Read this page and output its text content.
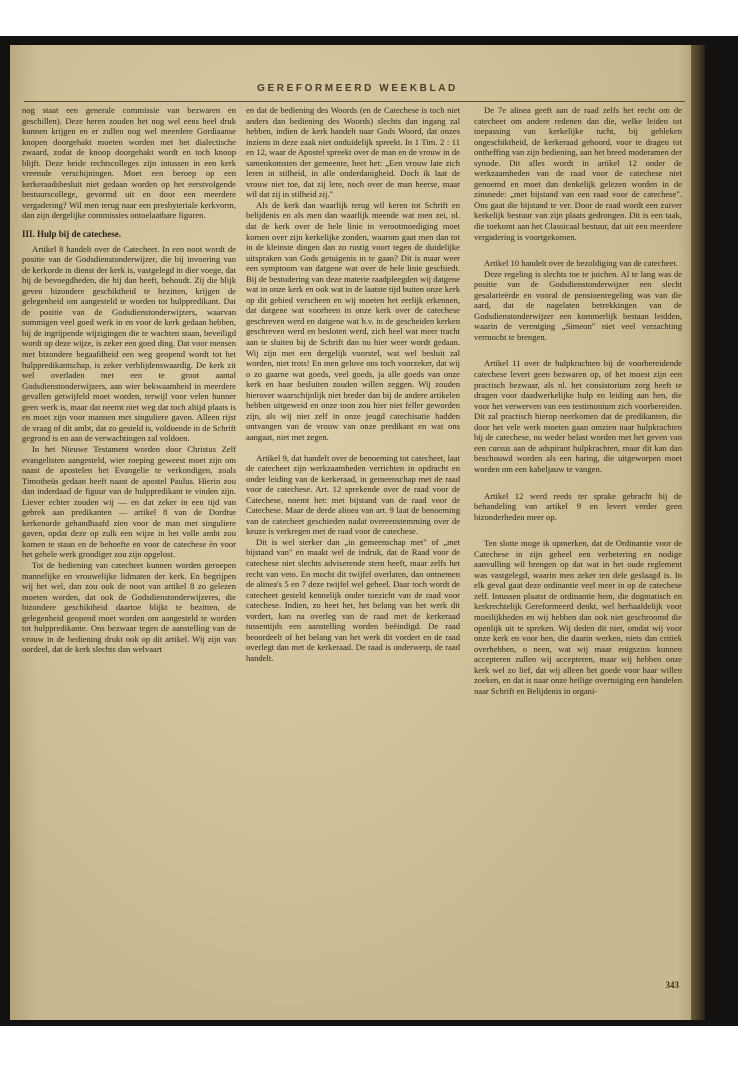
GEREFORMEERD WEEKBLAD

nog staat een generale commissie van bezwaren en geschillen). Deze heren zouden het nog wel eens heel druk kunnen krijgen en er zullen nog wel meerdere Gordiaanse knopen doorgehakt moeten worden met het dialectische zwaard, zodat de knoop doorgehakt wordt en toch knoop blijft. Deze beide rechtscolleges zijn intussen in een kerk vreemde verschijningen. Moet een beroep op een kerkeraadsbesluit niet gedaan worden op het eerstvolgende bestuurscollege, gevormd uit en door een meerdere vergadering? Wil men terug naar een presbyteriale kerkvorm, dan zijn dergelijke commissies ontoelaatbare figuren.

III. Hulp bij de catechese.

Artikel 8 handelt over de Catecheet. In een noot wordt de positie van de Godsdienstonderwijzer, die bij invoering van de kerkorde in dienst der kerk is, vastgelegd in dier voege, dat hij de bevoegdheden, die hij dan heeft, behoudt. Zij die blijk geven bizondere geschiktheid te bezitten, krijgen de gelegenheid om aangesteld te worden tot hulppredikant. Dat de positie van de Godsdienstonderwijzers, waarvan sommigen veel goed werk in en voor de kerk gedaan hebben, bij de ingrijpende wijzigingen die te wachten staan, beveiligd wordt op deze wijze, is zeker een goed ding. Dat voor mensen met bizondere begaafdheid een weg geopend wordt tot het hulppredikantschap, is zeker verblijdenswaardig. De kerk zit wel overladen met een te groot aantal Godsdienstonderwijzers, aan wier bekwaamheid in meerdere gevallen getwijfeld moet worden, terwijl voor velen hunner geen werk is, maar dat neemt niet weg dat toch altijd plaats is en moet zijn voor mannen met singuliere gaven. Alleen rijst de vraag of dit ambt, dat zo gesteld is, voldoende in de Schrift gegrond is en aan de verwachtingen zal voldoen.

In het Nieuwe Testament worden door Christus Zelf evangelisten aangesteld, wier roeping geweest moet zijn om naast de apostelen het Evangelie te verkondigen, zoals Timotheüs gedaan heeft naast de apostel Paulus. Hierin zou dan inderdaad de figuur van de hulppredikant te vinden zijn. Liever echter zouden wij — en dat zeker in een tijd van gebrek aan predikanten — artikel 8 van de Dordtse kerkenorde gehandhaafd zien voor de man met singuliere gaven, opdat deze op zulk een wijze in het volle ambt zou komen te staan en de behoefte en voor de catechese èn voor het gehele werk grondiger zou zijn opgelost.

Tot de bediening van catecheet kunnen worden geroepen mannelijke en vrouwelijke lidmaten der kerk. En begrijpen wij het wel, dan zou ook de noot van artikel 8 zo gelezen moeten worden, dat ook de Godsdienstonderwijzeres, die bizondere geschiktheid daartoe blijkt te bezitten, de gelegenheid geopend moet worden om aangesteld te worden tot hulppredikante. Ons bezwaar tegen de aanstelling van de vrouw in de bediening drukt ook op dit artikel. Wij zijn van oordeel, dat de kerk slechts dan welvaart

en dat de bediening des Woords (en de Catechese is toch niet anders dan bediening des Woords) slechts dan ingang zal hebben, indien de kerk handelt naar Gods Woord, dat onzes inziens in deze zaak niet onduidelijk spreekt. In 1 Tim. 2 : 11 en 12, waar de Apostel spreekt over de man en de vrouw in de samenkomsten der gemeente, heet het: „Een vrouw late zich leren in stilheid, in alle onderdanigheid. Doch ik laat de vrouw niet toe, dat zij lere, noch over de man heerse, maar wil dat zij in stilheid zij."

Als de kerk dan waarlijk terug wil keren tot Schrift en belijdenis en als men dan waarlijk meende wat men zei, nl. dat de kerk over de hele linie in verootmoediging moet komen over zijn kerkelijke zonden, waarom gaat men dan tot in de kleinste dingen dan zo rustig voort tegen de duidelijke uitspraken van Gods getuigenis in te gaan? Dit is maar weer een symptoom van datgene wat over de hele linie geschiedt. Bij de bestudering van deze materie raadpleegden wij datgene wat in onze kerk en ook wat in de laatste tijd buiten onze kerk op dit gebied verscheen en wij moeten het eerlijk erkennen, dat datgene wat voorheen in onze kerk over de catechese geschreven werd en datgene wat b.v. in de gescheiden kerken geschreven werd en besloten werd, zich heel wat meer tracht aan te sluiten bij de Schrift dan nu hier weer wordt gedaan. Wij zijn met een dergelijk voorstel, wat wel besluit zal worden, niet trots! En men gelove ons toch voorzeker, dat wij o zo gaarne wat goeds, veel goeds, ja alle goeds van onze kerk en haar besluiten zouden willen zeggen. Wij zouden hierover waarschijnlijk niet breder dan bij de andere artikelen hebben uitgeweid en onze toon zou hier niet feller geworden zijn, als wij niet zelf in onze jeugd catechisatie hadden ontvangen van de vrouw van onze predikant en wat ons aangaat, niet met zegen.

Artikel 9, dat handelt over de benoeming tot catecheet, laat de catecheet zijn werkzaamheden verrichten in opdracht en onder leiding van de kerkeraad, in gemeenschap met de raad voor de catechese. Art. 12 sprekende over de raad voor de Catechese, noemt het: met bijstand van de raad voor de Catechese. Maar de derde alinea van art. 9 laat de benoeming van de catecheet geschieden nadat overeenstemming over de keuze is verkregen met de raad voor de catechese.

Dit is wel sterker dan „in gemeenschap met" of „met bijstand van" en maakt wel de indruk, dat de Raad voor de catechese niet slechts adviserende stem heeft, maar zelfs het recht van veto. En mocht dit twijfel overlaten, dan ontnemen de alinea's 5 en 7 deze twijfel wel geheel. Daar toch wordt de catecheet gesteld kennelijk onder toezicht van de raad voor catechese. Indien, zo heet het, het belang van het werk dit vordert, kan na overleg van de raad met de kerkeraad tussentijds een aanstelling worden beëindigd. De raad beoordeelt of het belang van het werk dit vordert en de raad overlegt dan met de kerkeraad. De raad is onderwerp, de raad handelt.

De 7e alinea geeft aan de raad zelfs het recht om de catecheet om andere redenen dan die, welke leiden tot toepassing van kerkelijke tucht, bij gebleken ongeschiktheid, de kerkeraad gehoord, voor te dragen tot ontheffing van zijn bediening, aan het breed moderamen der synode. Dit alles wordt in artikel 12 onder de werkzaamheden van de raad voor de catechese niet genoemd en moet dan denkelijk gelezen worden in de zinsnede: „met bijstand van een raad voor de catechese". Ons gaat die bijstand te ver. Door de raad wordt een zuiver kerkelijk bestuur van zijn plaats gedrongen. Dit is een taak, die toekomt aan het Classicaal bestuur, dat uit een meerdere vergadering is voortgekomen.

Artikel 10 handelt over de bezoldiging van de catecheet.

Deze regeling is slechts toe te juichen. Al te lang was de positie van de Godsdienstonderwijzer een slecht gesalarieërde en vooral de pensioenregeling was van die aard, dat de nagelaten betrekkingen van de Godsdienstonderwijzer een kommerlijk bestaan leidden, waarin de vereniging „Simeon" niet veel verzachting vermocht te brengen.

Artikel 11 over de hulpkrachten bij de voorbereidende catechese levert geen bezwaren op, of het moest zijn een practisch bezwaar, als nl. het consistorium zorg heeft te dragen voor daadwerkelijke hulp en leiding aan hen, die voor het verwerven van een testimonium zich voorbereiden. Dit zal practisch hierop neerkomen dat de predikanten, die door het vele werk moeten gaan omzien naar hulpkrachten bij de catechese, nu weder belast worden met het geven van een cursus aan de adspirant hulpkrachten, maar dit kan dan beschouwd worden als een haring, die uitgeworpen moet worden om een kabeljauw te vangen.

Artikel 12 werd reeds ter sprake gebracht bij de behandeling van artikel 9 en levert verder geen bizonderheden meer op.

Ten slotte moge ik opmerken, dat de Ordinantie voor de Catechese in zijn geheel een verbetering en nodige aanvulling wil brengen op dat wat in het oude reglement was vastgelegd, waarin men zeker ten dele geslaagd is. In elk geval gaat deze ordinantie veel meer in op de catechese zelf. Intussen plaatst de ordinantie hem, die dogmatisch en kerkrechtelijk Gereformeerd denkt, wel herhaaldelijk voor moeilijkheden en wij hebben dan ook niet geschroomd die openlijk uit te spreken. Wij deden dit niet, omdat wij voor onze kerk en voor hen, die daarin werken, niets dan critiek overhebben, o neen, wat wij maar enigszins kunnen accepteren zullen wij accepteren, maar wij hebben onze kerk wel zo lief, dat wij alleen het goede voor haar willen zoeken, en dat is naar onze heilige overtuiging een handelen naar Schrift en Belijdenis in organi-

343
